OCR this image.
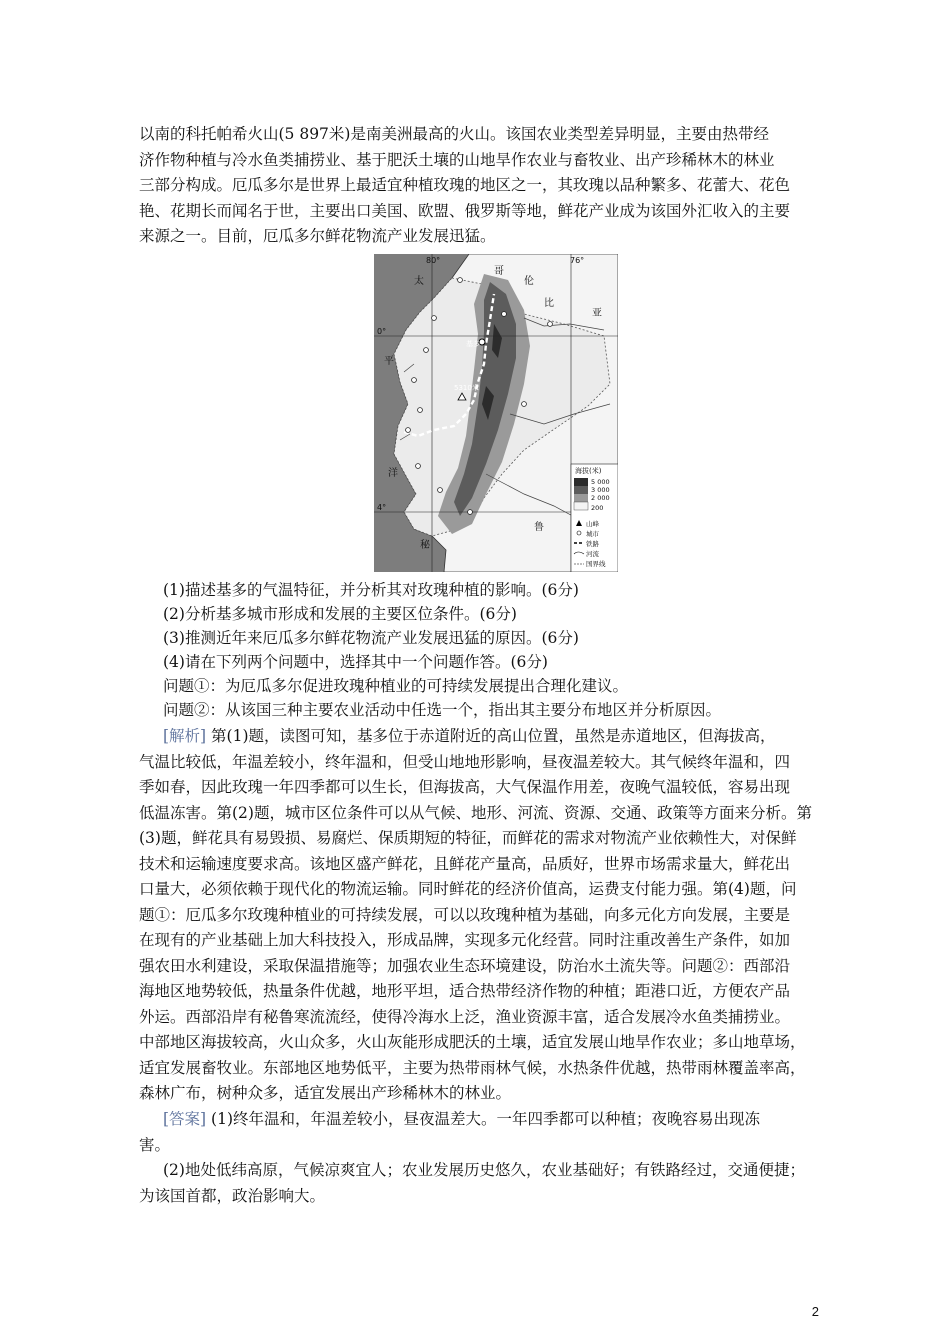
以南的科托帕希火山(5 897米)是南美洲最高的火山。该国农业类型差异明显，主要由热带经
济作物种植与冷水鱼类捕捞业、基于肥沃土壤的山地旱作农业与畜牧业、出产珍稀林木的林业
三部分构成。厄瓜多尔是世界上最适宜种植玫瑰的地区之一，其玫瑰以品种繁多、花蕾大、花色
艳、花期长而闻名于世，主要出口美国、欧盟、俄罗斯等地，鲜花产业成为该国外汇收入的主要
来源之一。目前，厄瓜多尔鲜花物流产业发展迅猛。
80°	76°
0°
4°
太
平
洋
哥
伦
比
亚
秘
鲁
基多
5310米
海拔(米)
5 000
3 000
2 000
200
山峰
城市
铁路
河流
国界线
(1)描述基多的气温特征，并分析其对玫瑰种植的影响。(6分)
(2)分析基多城市形成和发展的主要区位条件。(6分)
(3)推测近年来厄瓜多尔鲜花物流产业发展迅猛的原因。(6分)
(4)请在下列两个问题中，选择其中一个问题作答。(6分)
问题①：为厄瓜多尔促进玫瑰种植业的可持续发展提出合理化建议。
问题②：从该国三种主要农业活动中任选一个，指出其主要分布地区并分析原因。
[解析] 第(1)题，读图可知，基多位于赤道附近的高山位置，虽然是赤道地区，但海拔高，
气温比较低，年温差较小，终年温和，但受山地地形影响，昼夜温差较大。其气候终年温和，四
季如春，因此玫瑰一年四季都可以生长，但海拔高，大气保温作用差，夜晚气温较低，容易出现
低温冻害。第(2)题，城市区位条件可以从气候、地形、河流、资源、交通、政策等方面来分析。第
(3)题，鲜花具有易毁损、易腐烂、保质期短的特征，而鲜花的需求对物流产业依赖性大，对保鲜
技术和运输速度要求高。该地区盛产鲜花，且鲜花产量高，品质好，世界市场需求量大，鲜花出
口量大，必须依赖于现代化的物流运输。同时鲜花的经济价值高，运费支付能力强。第(4)题，问
题①：厄瓜多尔玫瑰种植业的可持续发展，可以以玫瑰种植为基础，向多元化方向发展，主要是
在现有的产业基础上加大科技投入，形成品牌，实现多元化经营。同时注重改善生产条件，如加
强农田水利建设，采取保温措施等；加强农业生态环境建设，防治水土流失等。问题②：西部沿
海地区地势较低，热量条件优越，地形平坦，适合热带经济作物的种植；距港口近，方便农产品
外运。西部沿岸有秘鲁寒流流经，使得冷海水上泛，渔业资源丰富，适合发展冷水鱼类捕捞业。
中部地区海拔较高，火山众多，火山灰能形成肥沃的土壤，适宜发展山地旱作农业；多山地草场，
适宜发展畜牧业。东部地区地势低平，主要为热带雨林气候，水热条件优越，热带雨林覆盖率高，
森林广布，树种众多，适宜发展出产珍稀林木的林业。
[答案] (1)终年温和，年温差较小，昼夜温差大。一年四季都可以种植；夜晚容易出现冻
害。
(2)地处低纬高原，气候凉爽宜人；农业发展历史悠久，农业基础好；有铁路经过，交通便捷；
为该国首都，政治影响大。
2
